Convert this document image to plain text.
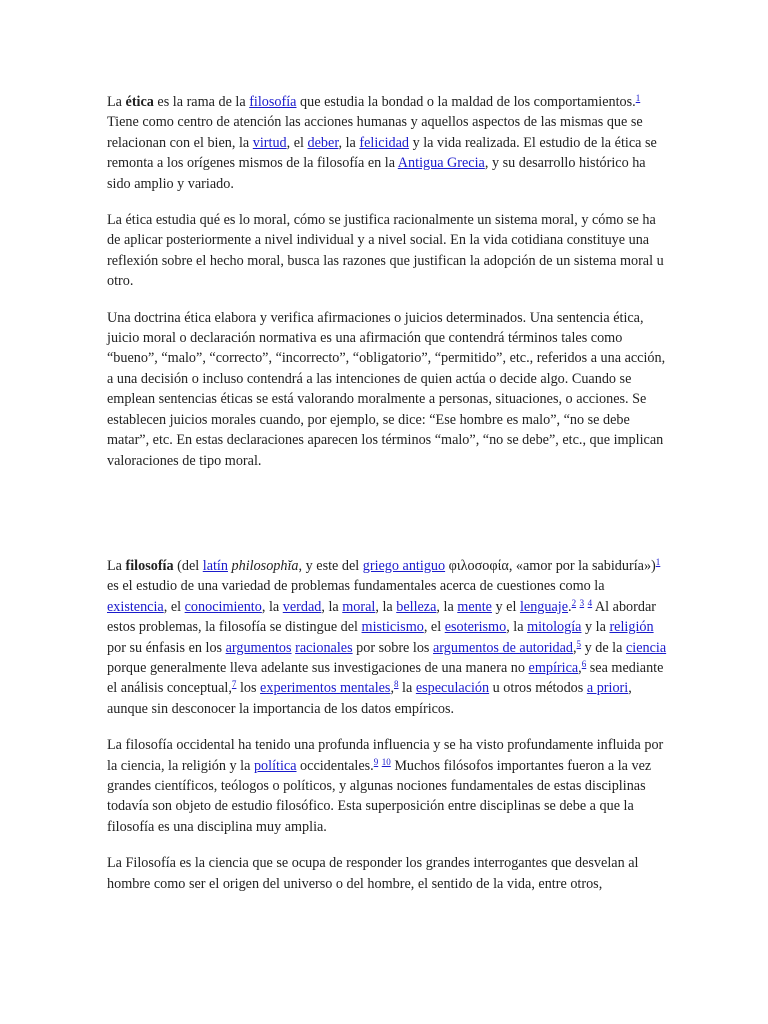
La ética es la rama de la filosofía que estudia la bondad o la maldad de los comportamientos.$^1$ Tiene como centro de atención las acciones humanas y aquellos aspectos de las mismas que se relacionan con el bien, la virtud, el deber, la felicidad y la vida realizada. El estudio de la ética se remonta a los orígenes mismos de la filosofía en la Antigua Grecia, y su desarrollo histórico ha sido amplio y variado.

La ética estudia qué es lo moral, cómo se justifica racionalmente un sistema moral, y cómo se ha de aplicar posteriormente a nivel individual y a nivel social. En la vida cotidiana constituye una reflexión sobre el hecho moral, busca las razones que justifican la adopción de un sistema moral u otro.

Una doctrina ética elabora y verifica afirmaciones o juicios determinados. Una sentencia ética, juicio moral o declaración normativa es una afirmación que contendrá términos tales como “bueno”, “malo”, “correcto”, “incorrecto”, “obligatorio”, “permitido”, etc., referidos a una acción, a una decisión o incluso contendrá a las intenciones de quien actúa o decide algo. Cuando se emplean sentencias éticas se está valorando moralmente a personas, situaciones, o acciones. Se establecen juicios morales cuando, por ejemplo, se dice: “Ese hombre es malo”, “no se debe matar”, etc. En estas declaraciones aparecen los términos “malo”, “no se debe”, etc., que implican valoraciones de tipo moral.

La filosofía (del latín philosophĭa, y este del griego antiguo φιλοσοφία, «amor por la sabiduría»)$^1$ es el estudio de una variedad de problemas fundamentales acerca de cuestiones como la existencia, el conocimiento, la verdad, la moral, la belleza, la mente y el lenguaje.$^2$ $^3$ $^4$ Al abordar estos problemas, la filosofía se distingue del misticismo, el esoterismo, la mitología y la religión por su énfasis en los argumentos racionales por sobre los argumentos de autoridad,$^5$ y de la ciencia porque generalmente lleva adelante sus investigaciones de una manera no empírica,$^6$ sea mediante el análisis conceptual,$^7$ los experimentos mentales,$^8$ la especulación u otros métodos a priori, aunque sin desconocer la importancia de los datos empíricos.

La filosofía occidental ha tenido una profunda influencia y se ha visto profundamente influida por la ciencia, la religión y la política occidentales.$^9$ $^{10}$ Muchos filósofos importantes fueron a la vez grandes científicos, teólogos o políticos, y algunas nociones fundamentales de estas disciplinas todavía son objeto de estudio filosófico. Esta superposición entre disciplinas se debe a que la filosofía es una disciplina muy amplia.

La Filosofía es la ciencia que se ocupa de responder los grandes interrogantes que desvelan al hombre como ser el origen del universo o del hombre, el sentido de la vida, entre otros,
